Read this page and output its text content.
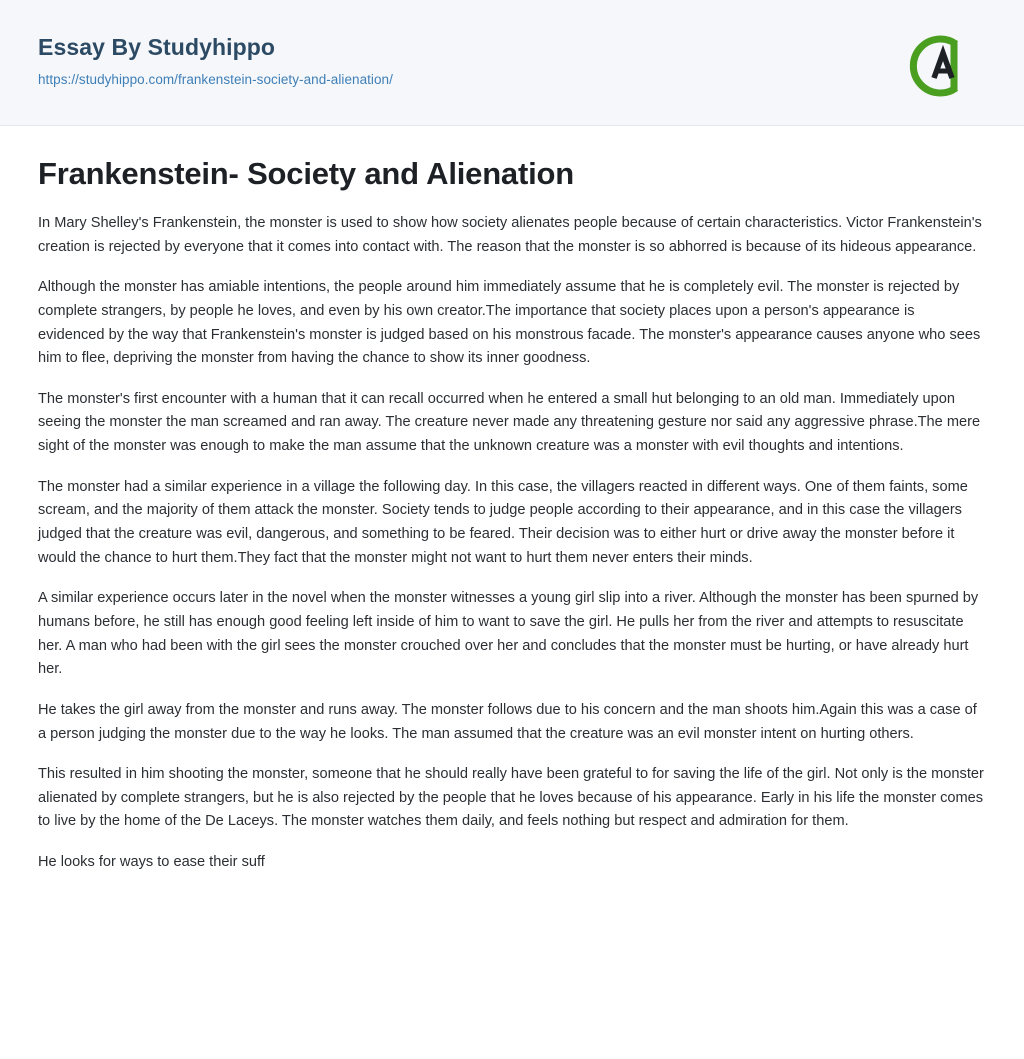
Essay By Studyhippo
https://studyhippo.com/frankenstein-society-and-alienation/
Frankenstein- Society and Alienation

In Mary Shelley's Frankenstein, the monster is used to show how society alienates people because of certain characteristics. Victor Frankenstein's creation is rejected by everyone that it comes into contact with. The reason that the monster is so abhorred is because of its hideous appearance.

Although the monster has amiable intentions, the people around him immediately assume that he is completely evil. The monster is rejected by complete strangers, by people he loves, and even by his own creator.The importance that society places upon a person's appearance is evidenced by the way that Frankenstein's monster is judged based on his monstrous facade. The monster's appearance causes anyone who sees him to flee, depriving the monster from having the chance to show its inner goodness.

The monster's first encounter with a human that it can recall occurred when he entered a small hut belonging to an old man. Immediately upon seeing the monster the man screamed and ran away. The creature never made any threatening gesture nor said any aggressive phrase.The mere sight of the monster was enough to make the man assume that the unknown creature was a monster with evil thoughts and intentions.

The monster had a similar experience in a village the following day. In this case, the villagers reacted in different ways. One of them faints, some scream, and the majority of them attack the monster. Society tends to judge people according to their appearance, and in this case the villagers judged that the creature was evil, dangerous, and something to be feared. Their decision was to either hurt or drive away the monster before it would the chance to hurt them.They fact that the monster might not want to hurt them never enters their minds.

A similar experience occurs later in the novel when the monster witnesses a young girl slip into a river. Although the monster has been spurned by humans before, he still has enough good feeling left inside of him to want to save the girl. He pulls her from the river and attempts to resuscitate her. A man who had been with the girl sees the monster crouched over her and concludes that the monster must be hurting, or have already hurt her.

He takes the girl away from the monster and runs away. The monster follows due to his concern and the man shoots him.Again this was a case of a person judging the monster due to the way he looks. The man assumed that the creature was an evil monster intent on hurting others.

This resulted in him shooting the monster, someone that he should really have been grateful to for saving the life of the girl. Not only is the monster alienated by complete strangers, but he is also rejected by the people that he loves because of his appearance. Early in his life the monster comes to live by the home of the De Laceys. The monster watches them daily, and feels nothing but respect and admiration for them.

He looks for ways to ease their suff
